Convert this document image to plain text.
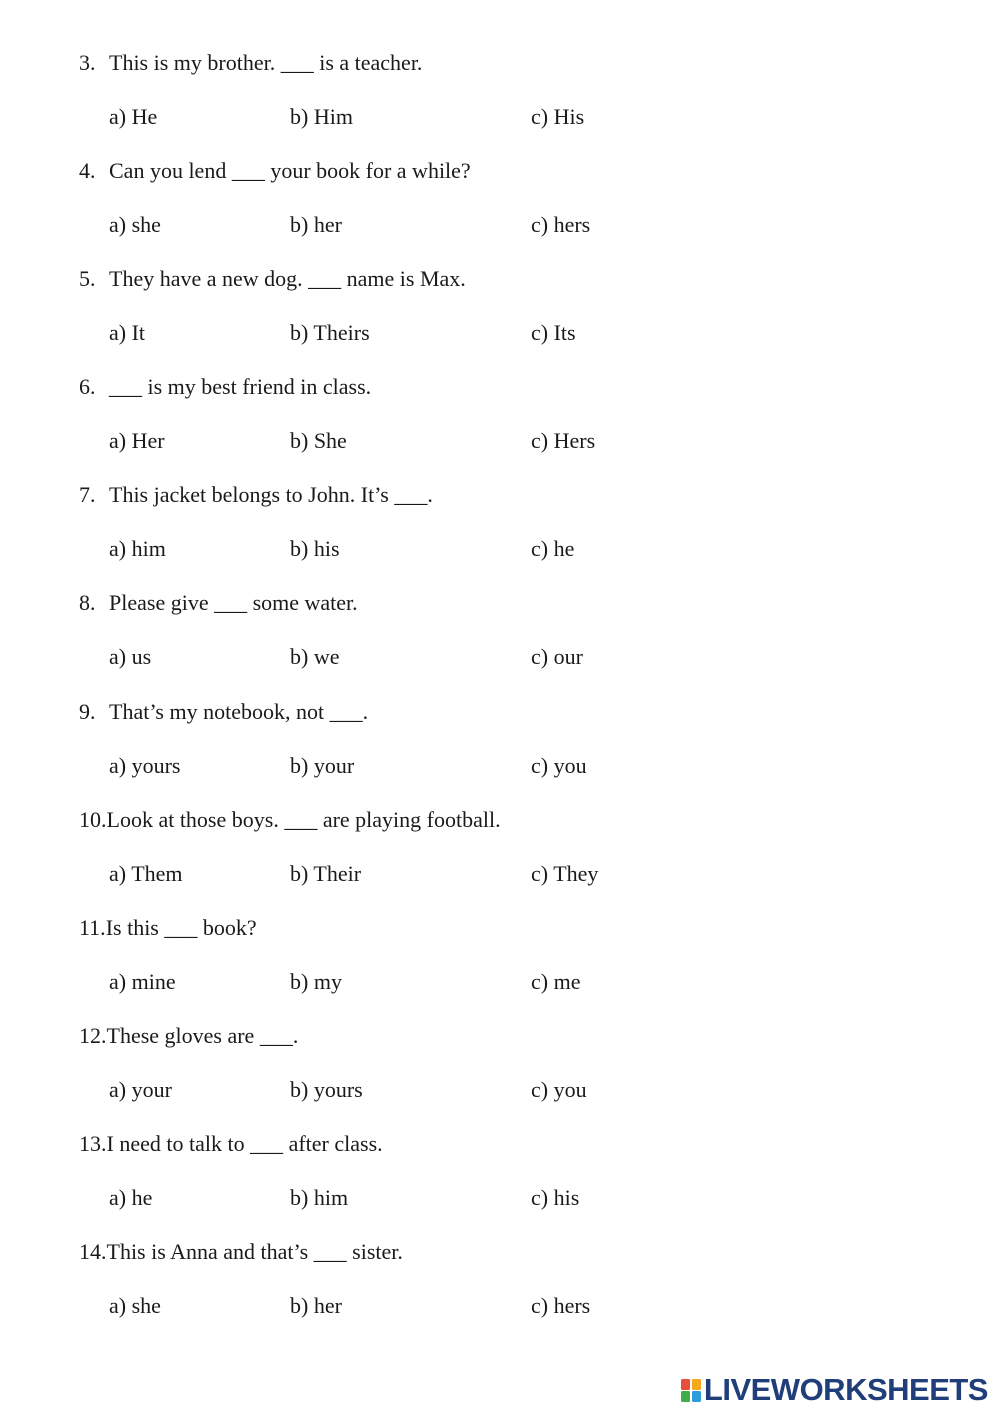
3. This is my brother. ___ is a teacher.
a) He	b) Him	c) His
4. Can you lend ___ your book for a while?
a) she	b) her	c) hers
5. They have a new dog. ___ name is Max.
a) It	b) Theirs	c) Its
6. ___ is my best friend in class.
a) Her	b) She	c) Hers
7. This jacket belongs to John. It’s ___.
a) him	b) his	c) he
8. Please give ___ some water.
a) us	b) we	c) our
9. That’s my notebook, not ___.
a) yours	b) your	c) you
10.Look at those boys. ___ are playing football.
a) Them	b) Their	c) They
11.Is this ___ book?
a) mine	b) my	c) me
12.These gloves are ___.
a) your	b) yours	c) you
13.I need to talk to ___ after class.
a) he	b) him	c) his
14.This is Anna and that’s ___ sister.
a) she	b) her	c) hers
LIVEWORKSHEETS
